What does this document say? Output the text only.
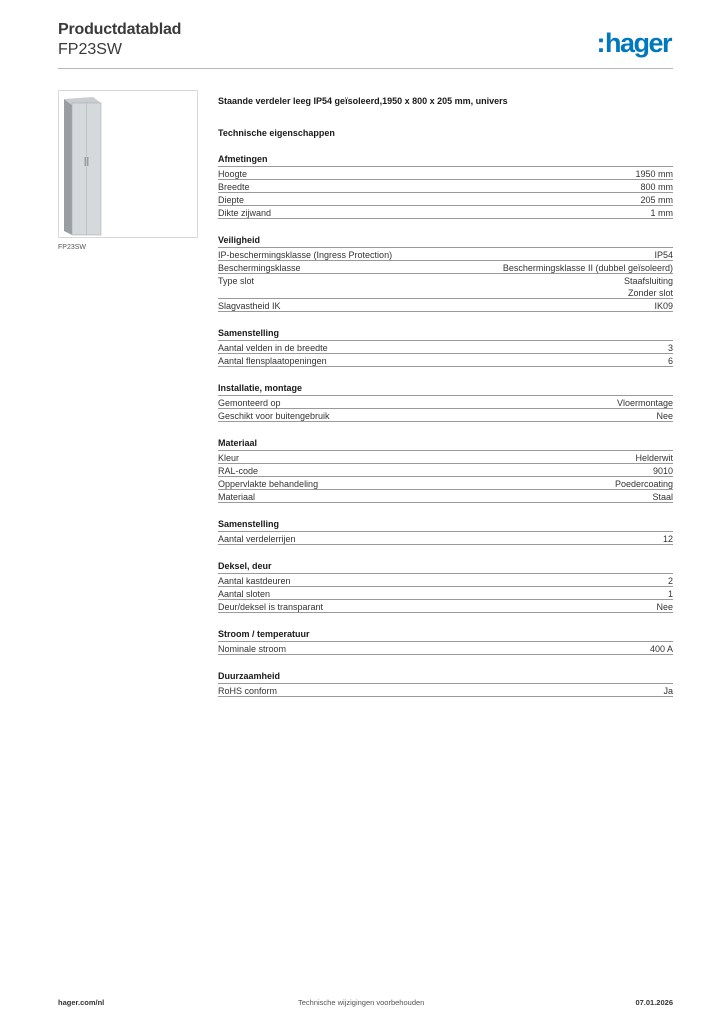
Productdatablad
FP23SW	:hager
FP23SW
Staande verdeler leeg IP54 geïsoleerd,1950 x 800 x 205 mm, univers
Technische eigenschappen
Afmetingen
Hoogte	1950 mm
Breedte	800 mm
Diepte	205 mm
Dikte zijwand	1 mm
Veiligheid
IP-beschermingsklasse (Ingress Protection)	IP54
Beschermingsklasse	Beschermingsklasse II (dubbel geïsoleerd)
Type slot	Staafsluiting
Zonder slot
Slagvastheid IK	IK09
Samenstelling
Aantal velden in de breedte	3
Aantal flensplaatopeningen	6
Installatie, montage
Gemonteerd op	Vloermontage
Geschikt voor buitengebruik	Nee
Materiaal
Kleur	Helderwit
RAL-code	9010
Oppervlakte behandeling	Poedercoating
Materiaal	Staal
Samenstelling
Aantal verdelerrijen	12
Deksel, deur
Aantal kastdeuren	2
Aantal sloten	1
Deur/deksel is transparant	Nee
Stroom / temperatuur
Nominale stroom	400 A
Duurzaamheid
RoHS conform	Ja
hager.com/nl	Technische wijzigingen voorbehouden	07.01.2026
